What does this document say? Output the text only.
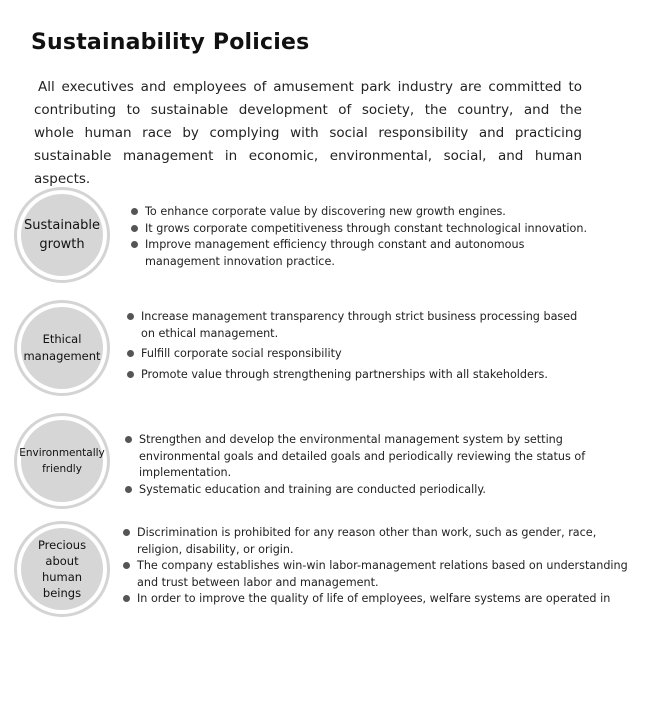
Sustainability Policies

All executives and employees of amusement park industry are committed to contributing to sustainable development of society, the country, and the whole human race by complying with social responsibility and practicing sustainable management in economic, environmental, social, and human aspects.

Sustainable growth
To enhance corporate value by discovering new growth engines.
It grows corporate competitiveness through constant technological innovation.
Improve management efficiency through constant and autonomous management innovation practice.
Ethical management
Increase management transparency through strict business processing based on ethical management.
Fulfill corporate social responsibility
Promote value through strengthening partnerships with all stakeholders.
Environmentally friendly
Strengthen and develop the environmental management system by setting environmental goals and detailed goals and periodically reviewing the status of implementation.
Systematic education and training are conducted periodically.
Precious about human beings
Discrimination is prohibited for any reason other than work, such as gender, race, religion, disability, or origin.
The company establishes win-win labor-management relations based on understanding and trust between labor and management.
In order to improve the quality of life of employees, welfare systems are operated in
